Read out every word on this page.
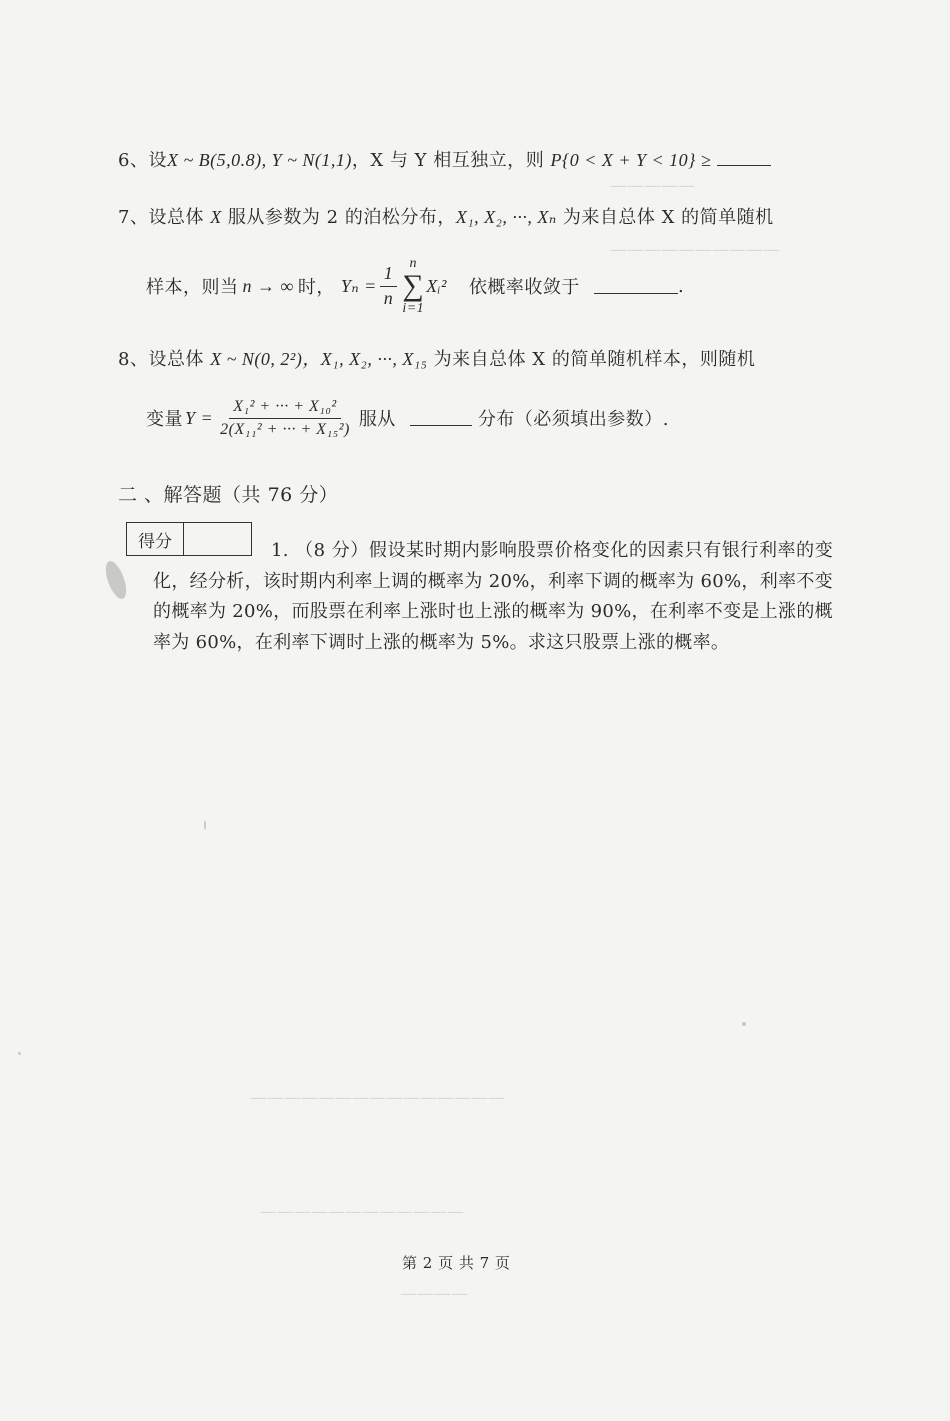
—————
——————————
———————————————
————————————
————
6、设X ~ B(5,0.8), Y ~ N(1,1)，X 与 Y 相互独立，则 P{0 < X + Y < 10} ≥
7、设总体 X 服从参数为 2 的泊松分布，X₁, X₂, ···, Xₙ 为来自总体 X 的简单随机
样本，则当 n → ∞ 时， $Y_n = \frac{1}{n}$
n
∑
i=1
Xᵢ² 依概率收敛于	.
8、设总体 X ~ N(0, 2²)，X₁, X₂, ···, X₁₅ 为来自总体 X 的简单随机样本，则随机
变量 $Y = \frac{\text{X₁² + ··· + X₁₀²}}{\text{2(X₁₁² + ··· + X₁₅²)}}$ 服从	分布（必须填出参数）.
二 、解答题（共 76 分）
得分	1. （8 分）假设某时期内影响股票价格变化的因素只有银行利率的变化，经分析，该时期内利率上调的概率为 20%，利率下调的概率为 60%，利率不变的概率为 20%，而股票在利率上涨时也上涨的概率为 90%，在利率不变是上涨的概率为 60%，在利率下调时上涨的概率为 5%。求这只股票上涨的概率。
第 2 页 共 7 页
